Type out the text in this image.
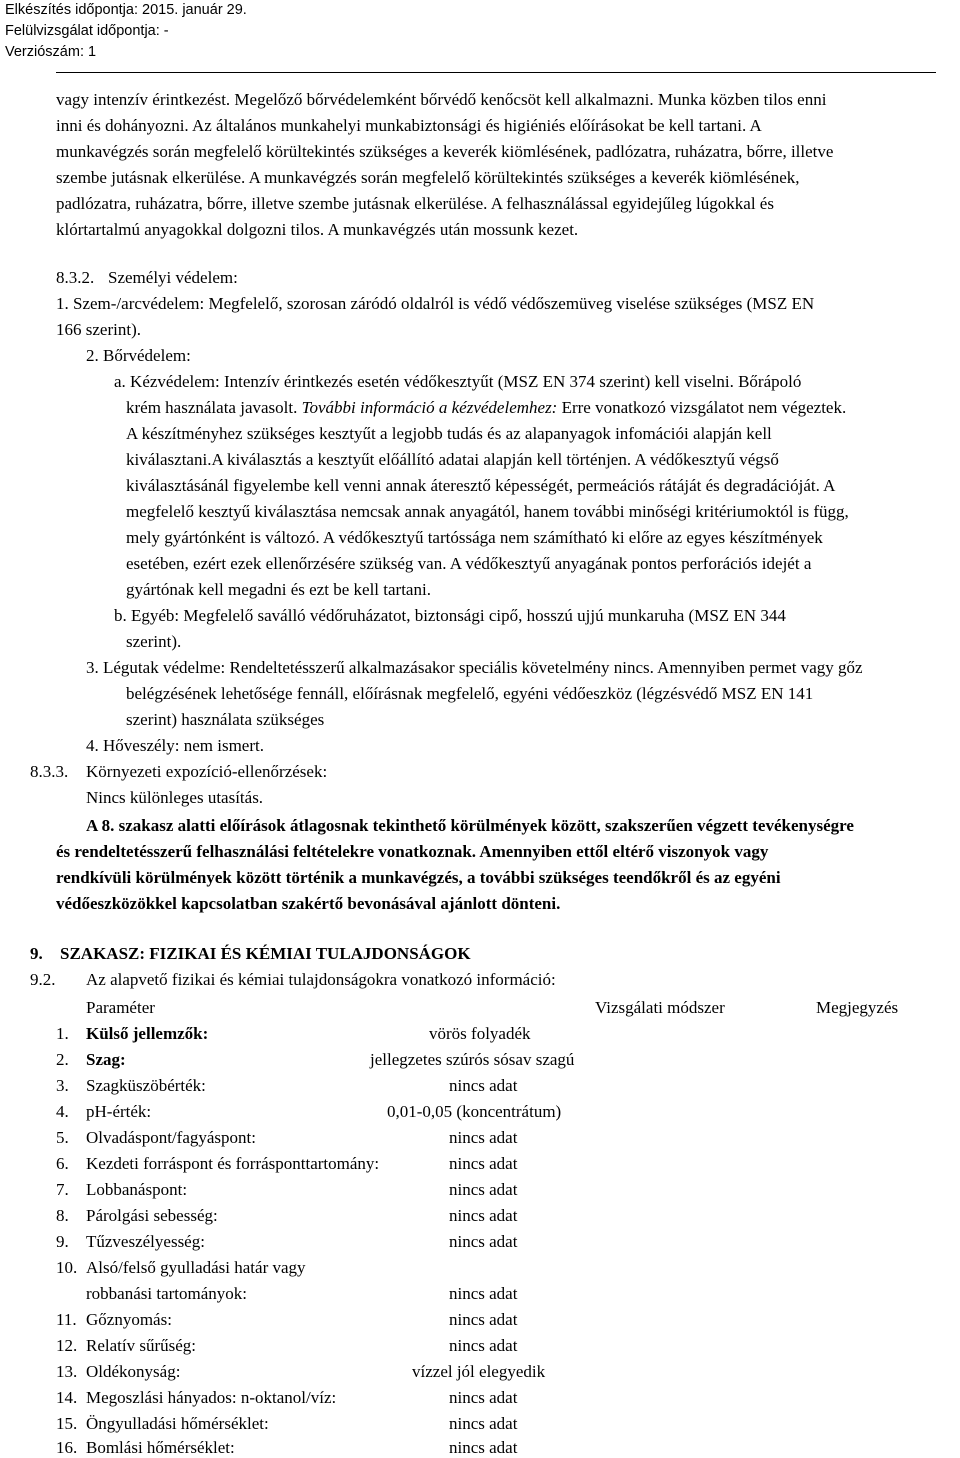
Elkészítés időpontja: 2015. január 29.
Felülvizsgálat időpontja: -
Verziószám: 1
vagy intenzív érintkezést. Megelőző bőrvédelemként bőrvédő kenőcsöt kell alkalmazni. Munka közben tilos enni
inni és dohányozni. Az általános munkahelyi munkabiztonsági és higiéniés előírásokat be kell tartani. A
munkavégzés során megfelelő körültekintés szükséges a keverék kiömlésének, padlózatra, ruházatra, bőrre, illetve
szembe jutásnak elkerülése. A munkavégzés során megfelelő körültekintés szükséges a keverék kiömlésének,
padlózatra, ruházatra, bőrre, illetve szembe jutásnak elkerülése. A felhasználással egyidejűleg lúgokkal és
klórtartalmú anyagokkal dolgozni tilos. A munkavégzés után mossunk kezet.
8.3.2. Személyi védelem:
1. Szem-/arcvédelem: Megfelelő, szorosan záródó oldalról is védő védőszemüveg viselése szükséges (MSZ EN
166 szerint).
2. Bőrvédelem:
a. Kézvédelem: Intenzív érintkezés esetén védőkesztyűt (MSZ EN 374 szerint) kell viselni. Bőrápoló
krém használata javasolt. További információ a kézvédelemhez: Erre vonatkozó vizsgálatot nem végeztek.
A készítményhez szükséges kesztyűt a legjobb tudás és az alapanyagok infomációi alapján kell
kiválasztani.A kiválasztás a kesztyűt előállító adatai alapján kell történjen. A védőkesztyű végső
kiválasztásánál figyelembe kell venni annak áteresztő képességét, permeációs rátáját és degradációját. A
megfelelő kesztyű kiválasztása nemcsak annak anyagától, hanem további minőségi kritériumoktól is függ,
mely gyártónként is változó. A védőkesztyű tartóssága nem számítható ki előre az egyes készítmények
esetében, ezért ezek ellenőrzésére szükség van. A védőkesztyű anyagának pontos perforációs idejét a
gyártónak kell megadni és ezt be kell tartani.
b. Egyéb: Megfelelő saválló védőruházatot, biztonsági cipő, hosszú ujjú munkaruha (MSZ EN 344
szerint).
3. Légutak védelme: Rendeltetésszerű alkalmazásakor speciális követelmény nincs. Amennyiben permet vagy gőz
belégzésének lehetősége fennáll, előírásnak megfelelő, egyéni védőeszköz (légzésvédő MSZ EN 141
szerint) használata szükséges
4. Hőveszély: nem ismert.
8.3.3. Környezeti expozíció-ellenőrzések:
Nincs különleges utasítás.
A 8. szakasz alatti előírások átlagosnak tekinthető körülmények között, szakszerűen végzett tevékenységre
és rendeltetésszerű felhasználási feltételekre vonatkoznak. Amennyiben ettől eltérő viszonyok vagy
rendkívüli körülmények között történik a munkavégzés, a további szükséges teendőkről és az egyéni
védőeszközökkel kapcsolatban szakértő bevonásával ajánlott dönteni.
9. SZAKASZ: FIZIKAI ÉS KÉMIAI TULAJDONSÁGOK
9.2. Az alapvető fizikai és kémiai tulajdonságokra vonatkozó információ:
Paraméter	Vizsgálati módszer	Megjegyzés
1. Külső jellemzők:	vörös folyadék
2. Szag:	jellegzetes szúrós sósav szagú
3. Szagküszöbérték:	nincs adat
4. pH-érték:	0,01-0,05 (koncentrátum)
5. Olvadáspont/fagyáspont:	nincs adat
6. Kezdeti forráspont és forrásponttartomány:	nincs adat
7. Lobbanáspont:	nincs adat
8. Párolgási sebesség:	nincs adat
9. Tűzveszélyesség:	nincs adat
10. Alsó/felső gyulladási határ vagy
robbanási tartományok:	nincs adat
11. Gőznyomás:	nincs adat
12. Relatív sűrűség:	nincs adat
13. Oldékonyság:	vízzel jól elegyedik
14. Megoszlási hányados: n-oktanol/víz:	nincs adat
15. Öngyulladási hőmérséklet:	nincs adat
16. Bomlási hőmérséklet:	nincs adat
